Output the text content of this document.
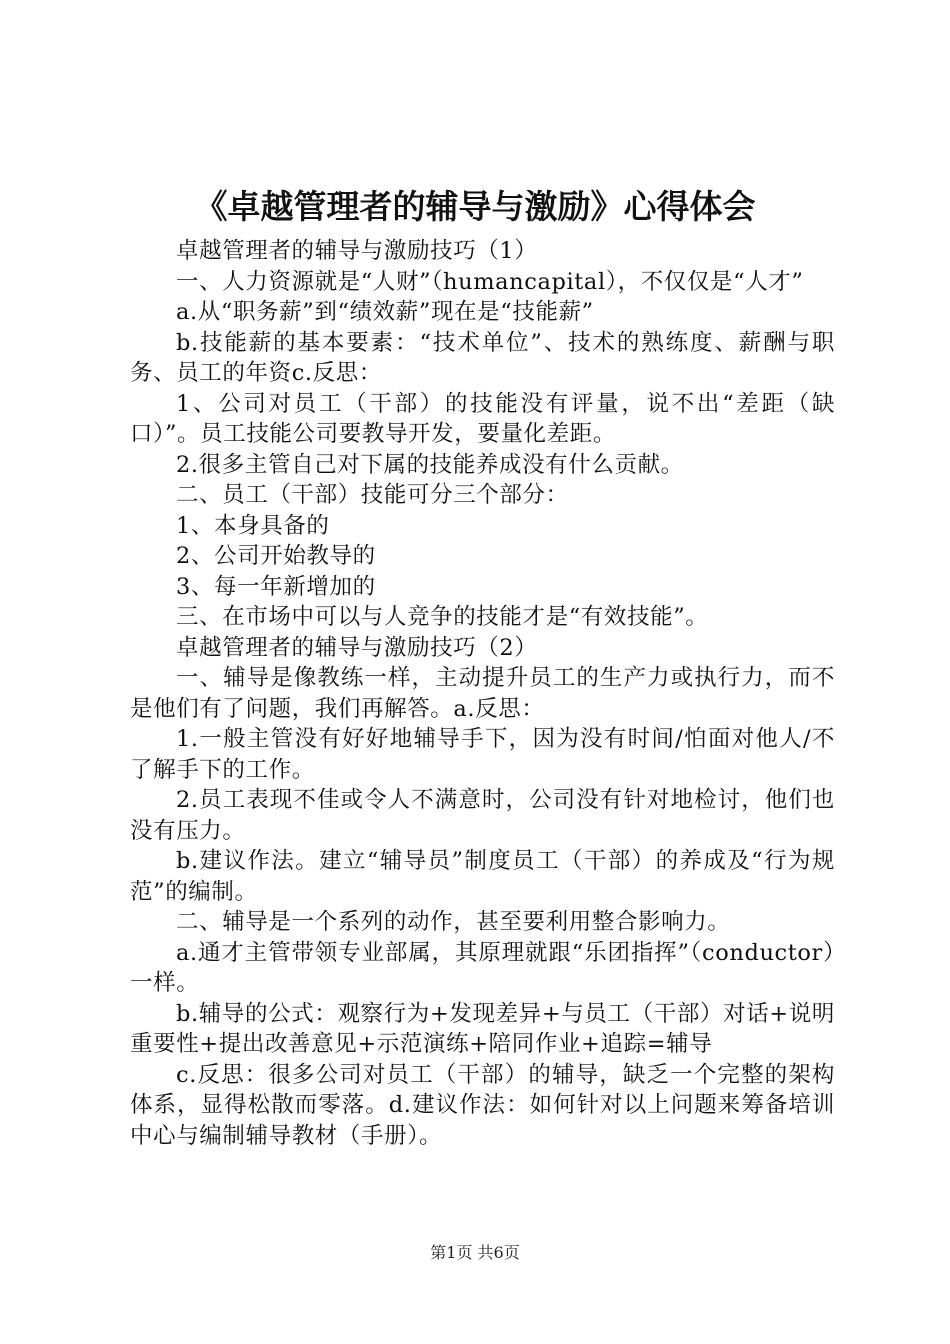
《卓越管理者的辅导与激励》心得体会

卓越管理者的辅导与激励技巧（1）

一、人力资源就是“人财”（humancapital），不仅仅是“人才”

a.从“职务薪”到“绩效薪”现在是“技能薪”

b.技能薪的基本要素：“技术单位”、技术的熟练度、薪酬与职务、员工的年资c.反思：

1、公司对员工（干部）的技能没有评量，说不出“差距（缺口）”。员工技能公司要教导开发，要量化差距。

2.很多主管自己对下属的技能养成没有什么贡献。

二、员工（干部）技能可分三个部分：

1、本身具备的

2、公司开始教导的

3、每一年新增加的

三、在市场中可以与人竞争的技能才是“有效技能”。

卓越管理者的辅导与激励技巧（2）

一、辅导是像教练一样，主动提升员工的生产力或执行力，而不是他们有了问题，我们再解答。a.反思：

1.一般主管没有好好地辅导手下，因为没有时间/怕面对他人/不了解手下的工作。

2.员工表现不佳或令人不满意时，公司没有针对地检讨，他们也没有压力。

b.建议作法。建立“辅导员”制度员工（干部）的养成及“行为规范”的编制。

二、辅导是一个系列的动作，甚至要利用整合影响力。

a.通才主管带领专业部属，其原理就跟“乐团指挥”（conductor）一样。

b.辅导的公式：观察行为+发现差异+与员工（干部）对话+说明重要性+提出改善意见+示范演练+陪同作业+追踪=辅导

c.反思：很多公司对员工（干部）的辅导，缺乏一个完整的架构体系，显得松散而零落。d.建议作法：如何针对以上问题来筹备培训中心与编制辅导教材（手册）。

第1页 共6页
